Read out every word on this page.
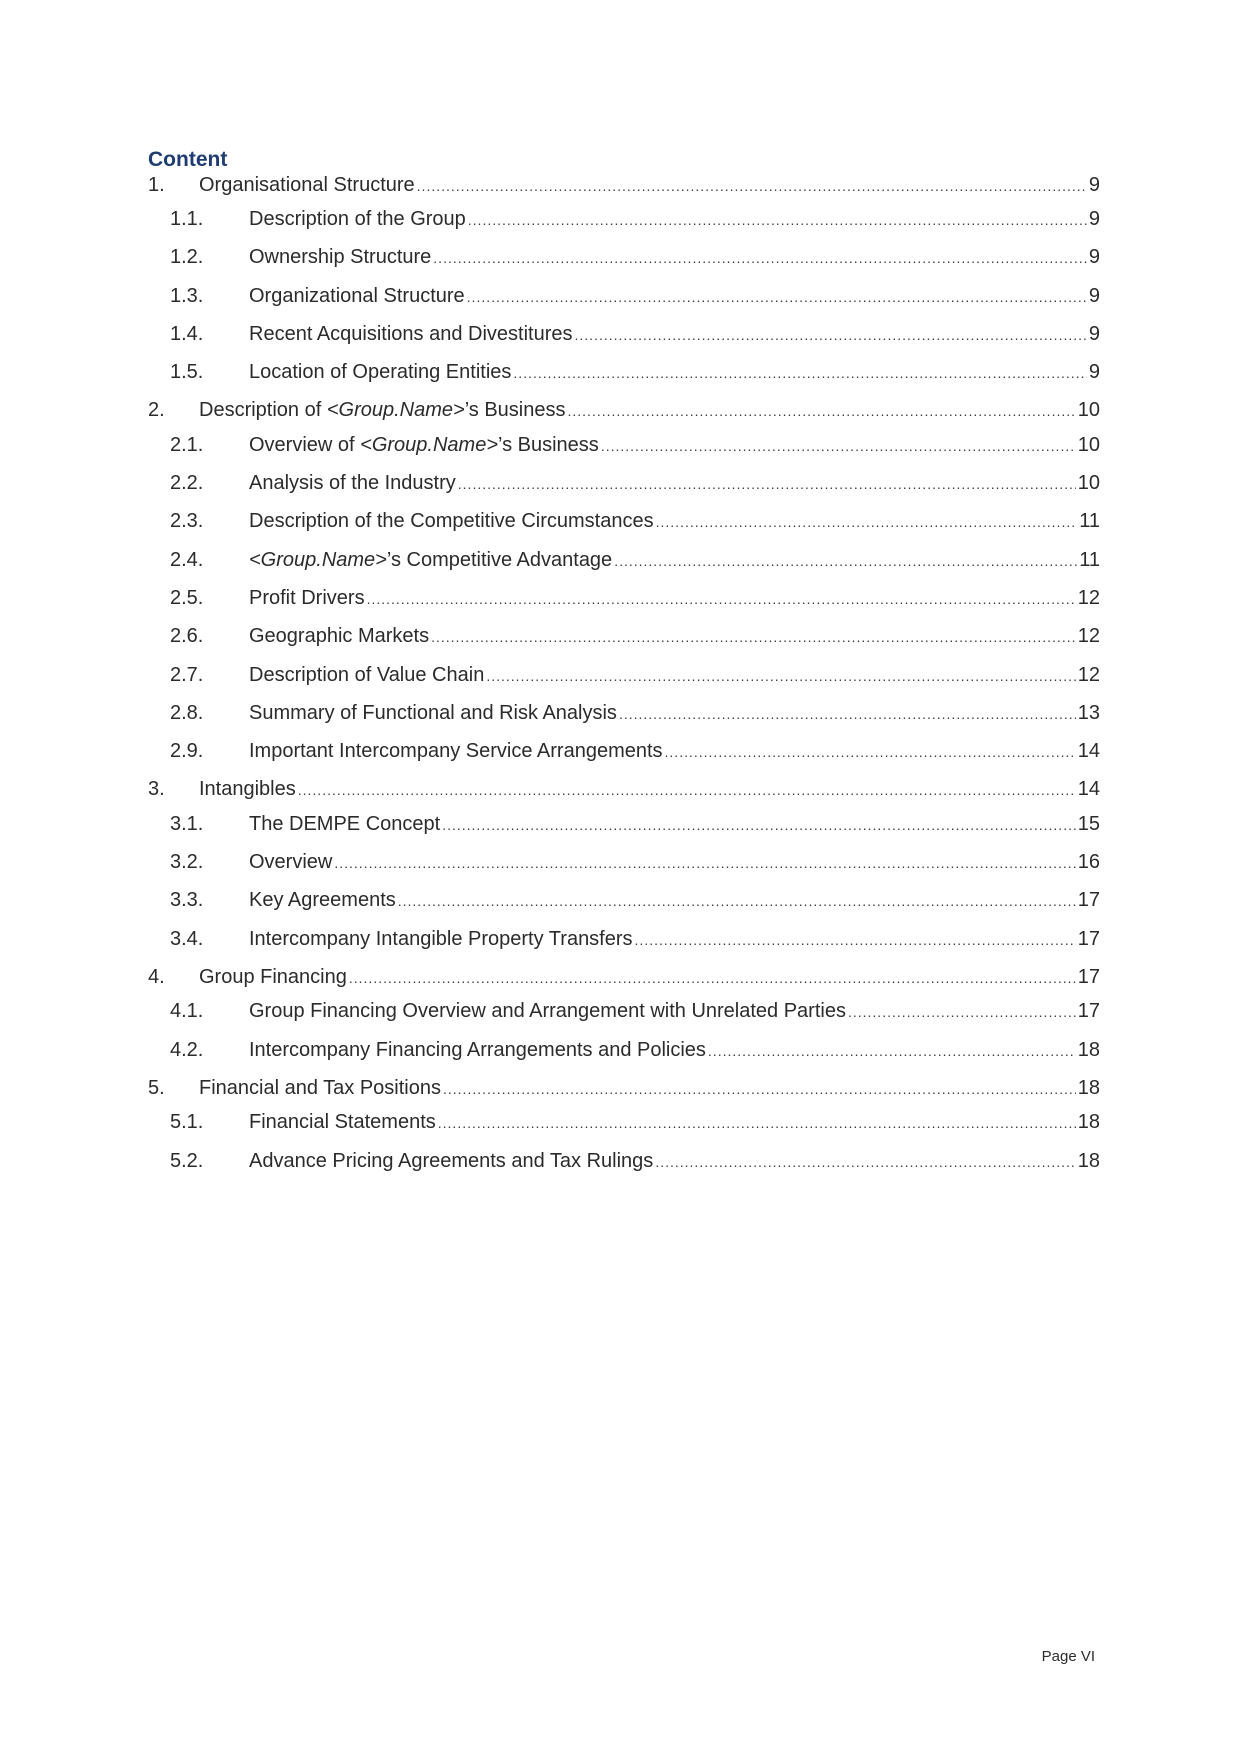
Content
1.	Organisational Structure .....	9
1.1.	Description of the Group .....	9
1.2.	Ownership Structure .....	9
1.3.	Organizational Structure .....	9
1.4.	Recent Acquisitions and Divestitures .....	9
1.5.	Location of Operating Entities .....	9
2.	Description of <Group.Name>’s Business .....	10
2.1.	Overview of <Group.Name>’s Business .....	10
2.2.	Analysis of the Industry .....	10
2.3.	Description of the Competitive Circumstances .....	11
2.4.	<Group.Name>’s Competitive Advantage .....	11
2.5.	Profit Drivers .....	12
2.6.	Geographic Markets .....	12
2.7.	Description of Value Chain .....	12
2.8.	Summary of Functional and Risk Analysis .....	13
2.9.	Important Intercompany Service Arrangements .....	14
3.	Intangibles .....	14
3.1.	The DEMPE Concept .....	15
3.2.	Overview .....	16
3.3.	Key Agreements .....	17
3.4.	Intercompany Intangible Property Transfers .....	17
4.	Group Financing .....	17
4.1.	Group Financing Overview and Arrangement with Unrelated Parties .....	17
4.2.	Intercompany Financing Arrangements and Policies .....	18
5.	Financial and Tax Positions .....	18
5.1.	Financial Statements .....	18
5.2.	Advance Pricing Agreements and Tax Rulings .....	18
Page VI
